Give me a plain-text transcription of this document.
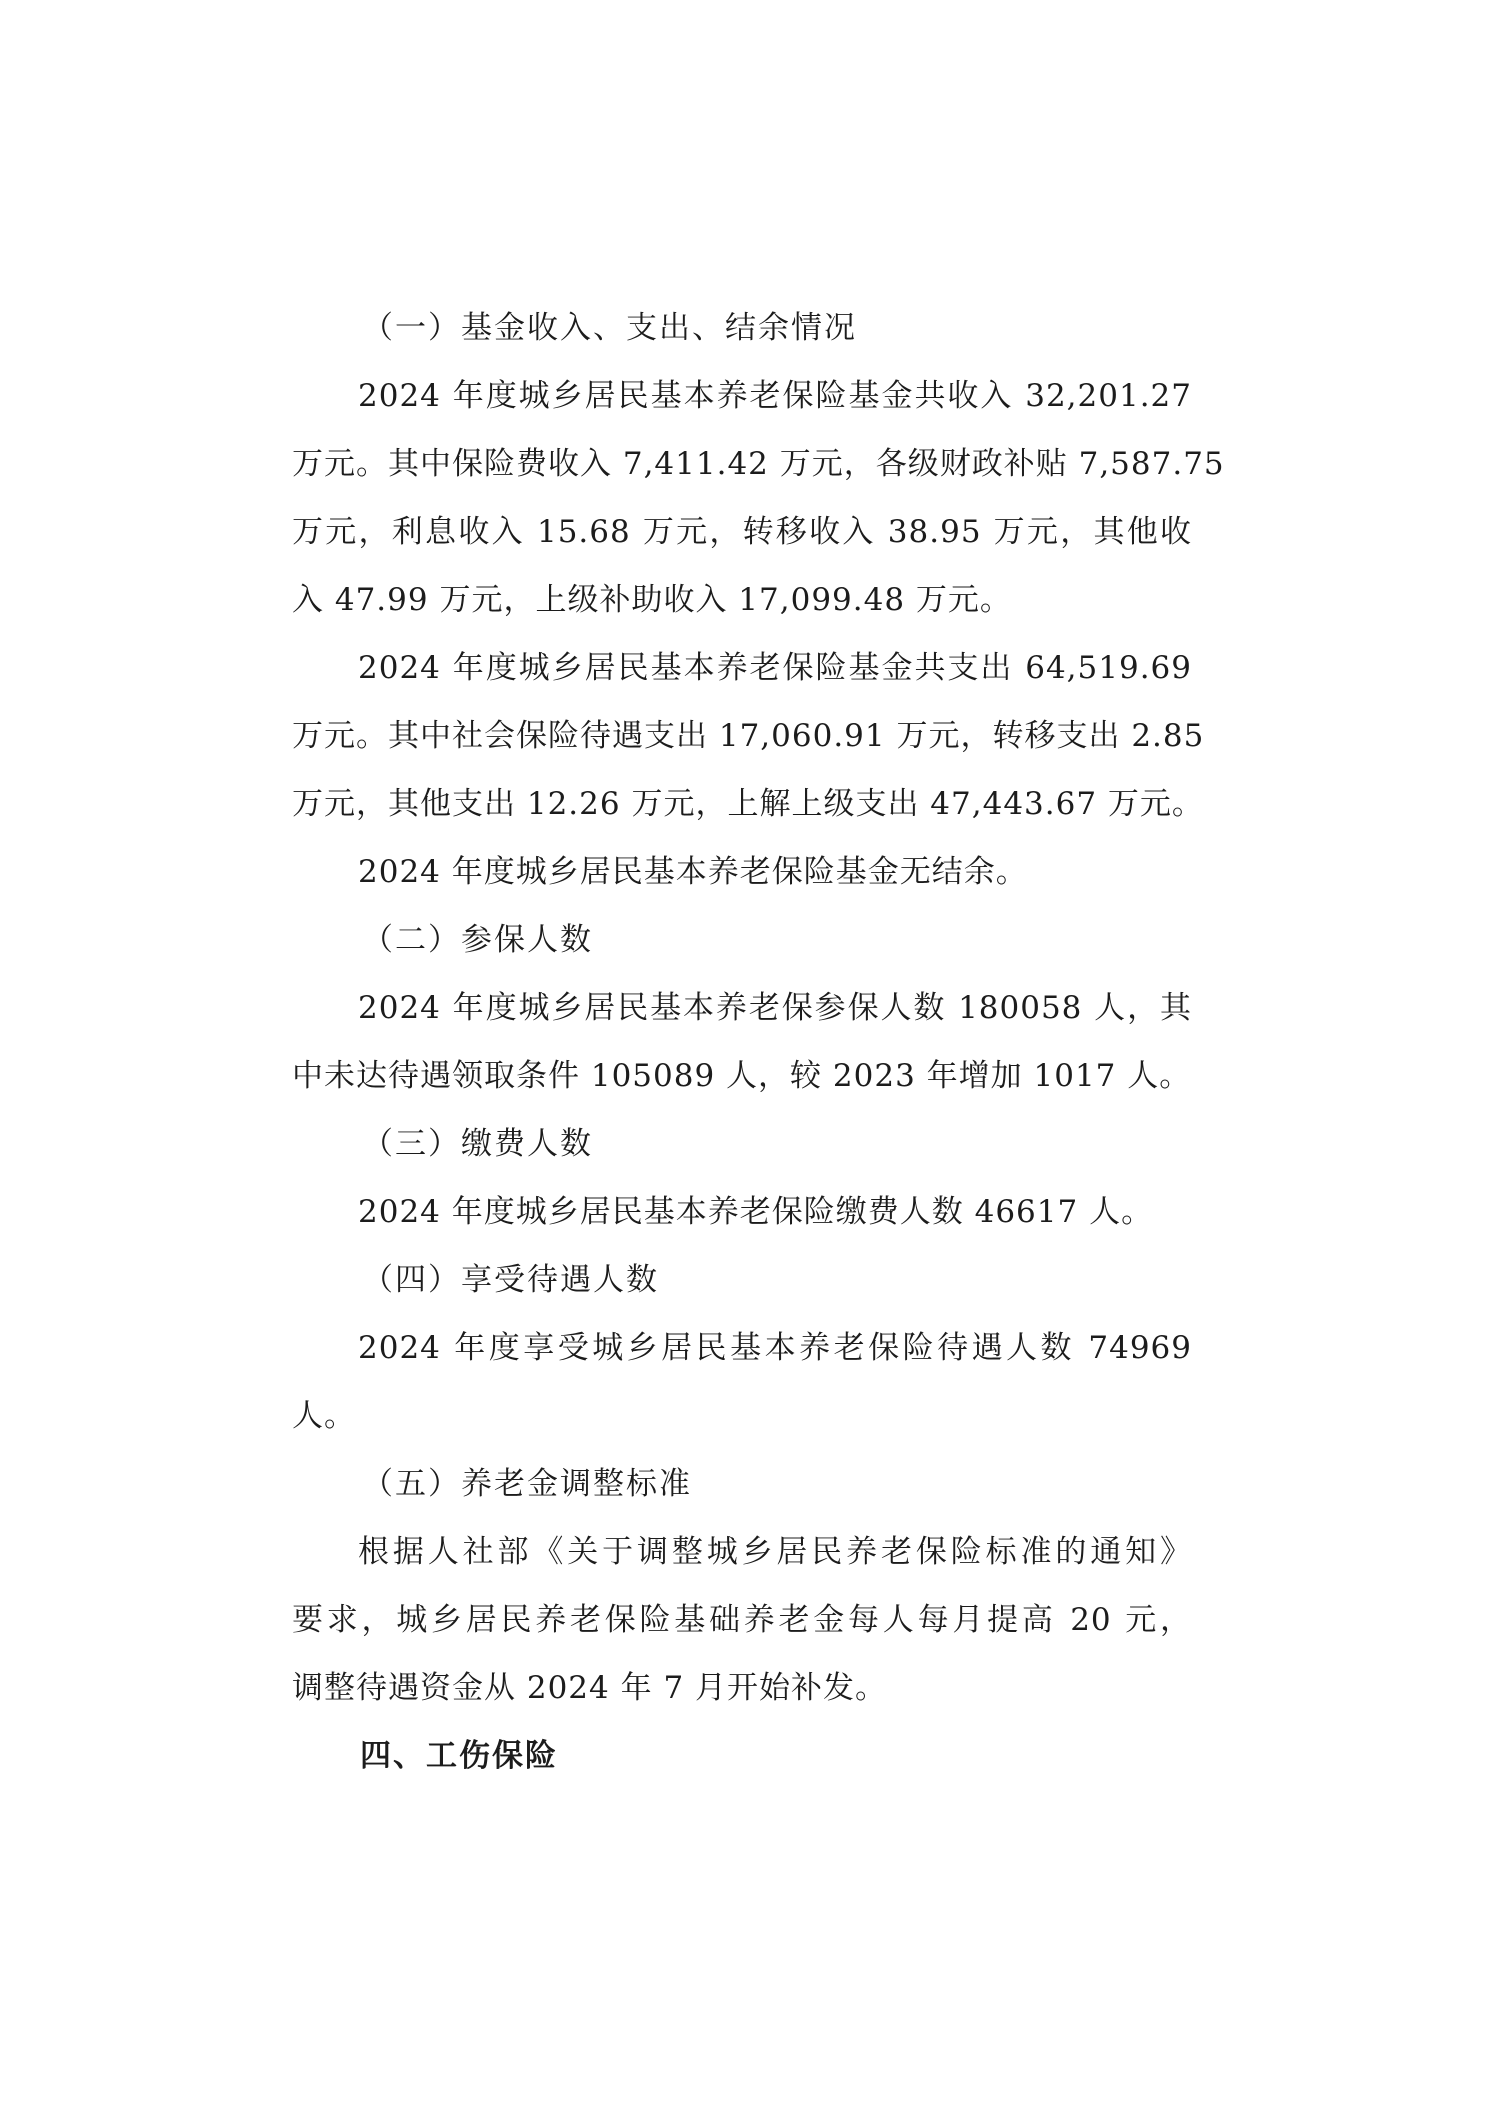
（一）基金收入、支出、结余情况
2024 年度城乡居民基本养老保险基金共收入 32,201.27
万元。其中保险费收入 7,411.42 万元，各级财政补贴 7,587.75
万元，利息收入 15.68 万元，转移收入 38.95 万元，其他收
入 47.99 万元，上级补助收入 17,099.48 万元。
2024 年度城乡居民基本养老保险基金共支出 64,519.69
万元。其中社会保险待遇支出 17,060.91 万元，转移支出 2.85
万元，其他支出 12.26 万元，上解上级支出 47,443.67 万元。
2024 年度城乡居民基本养老保险基金无结余。
（二）参保人数
2024 年度城乡居民基本养老保参保人数 180058 人，其
中未达待遇领取条件 105089 人，较 2023 年增加 1017 人。
（三）缴费人数
2024 年度城乡居民基本养老保险缴费人数 46617 人。
（四）享受待遇人数
2024 年度享受城乡居民基本养老保险待遇人数 74969
人。
（五）养老金调整标准
根据人社部《关于调整城乡居民养老保险标准的通知》
要求，城乡居民养老保险基础养老金每人每月提高 20 元，
调整待遇资金从 2024 年 7 月开始补发。
四、工伤保险
